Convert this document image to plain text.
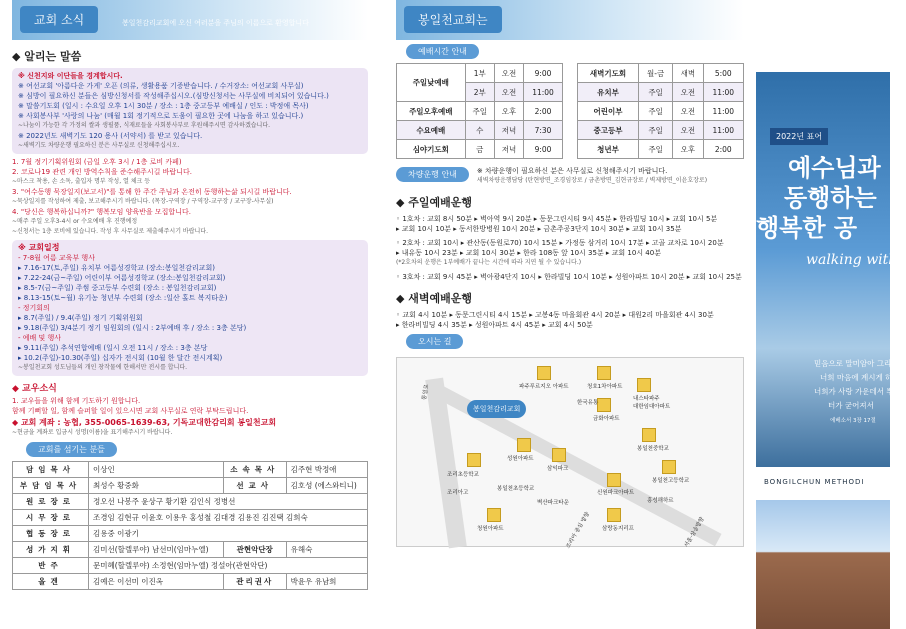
교회 소식	봉일천감리교회에 오신 여러분을 주님의 이름으로 환영합니다
◆ 알리는 말씀
※ 신천지와 이단들을 경계합시다.
※ 여선교회 '아름다운 가게' 오픈 (의류, 생활용품 기증받습니다. / 수거장소: 여선교회 사무실)
※ 심방이 필요하신 분들은 심방신청서를 작성해주십시오.(심방신청서는 사무실에 비치되어 있습니다.)
※ 말씀기도회 (일시 : 수요일 오후 1시 30분 / 장소 : 1층 중고등부 예배실 / 인도 : 박정애 목사)
※ 사회봉사부 '사랑의 나눔' (매월 1회 정기적으로 도움이 필요한 곳에 나눔을 하고 있습니다.)
~나눔이 가능한 각 가정의 쌀과 생필품, 식재료들을 사회봉사부로 후원해주시면 감사하겠습니다.
※ 2022년도 새벽기도 120 용사 (서약서) 를 받고 있습니다.
~새벽기도 차량운행 필요하신 분은 사무실로 신청해주십시오.
1. 7월 정기기획위원회 (금일 오후 3시 / 1층 로비 카페)
2. 코로나19 관련 개인 방역수칙을 준수해주시길 바랍니다.
~마스크 착용, 손 소독, 출입자 명부 작성, 열 체크 등
3. "여수동행 묵장일지(보고서)"를 통해 한 주간 주님과 온전히 동행하는삶 되시길 바랍니다.
~묵상일지를 작성하여 제출, 보고해주시기 바랍니다. (목장-구역장 / 구역장-교구장 / 교구장-사무실)
4. "당신은 행복하십니까?" 행복모임 양육반을 모집합니다.
~매주 주일 오후3-4시 or 수요예배 후 진행예정
~신청서는 1층 로비에 있습니다. 작성 후 사무실로 제출해주시기 바랍니다.
※ 교회일정
- 7-8월 여름 교육부 행사
▸ 7.16-17(토,주일) 유치부 여름성경학교 (장소:봉일천감리교회)
▸ 7.22-24(금~주일) 어린이부 여름성경학교 (장소:봉일천감리교회)
▸ 8.5-7(금~주일) 주썸 중고등부 수련회 (장소 : 봉일천감리교회)
▸ 8.13-15(토~월) 유기농 청년부 수련회 (장소 :일산 홀트 복지타운)
- 정기회의
▸ 8.7(주일) / 9.4(주일) 정기 기획위원회
▸ 9.18(주일) 3/4분기 정기 임원회의 (일시 : 2부예배 후 / 장소 : 3층 본당)
- 예배 및 행사
▸ 9.11(주일) 추석연합예배 (일시 오전 11시 / 장소 : 3층 본당
▸ 10.2(주일)-10.30(주일) 십자가 전시회 (10월 한 달간 전시계획)
~봉일천교회 성도님들의 개인 창작물에 한해서만 전시를 합니다.
◆ 교우소식
1. 교우들을 위해 함께 기도하기 원합니다.
함께 기뻐할 일, 함께 슬퍼할 일이 있으시면 교회 사무실로 연락 부탁드립니다.
◆ 교회 계좌 : 농협, 355-0065-1639-63, 기독교대한감리회 봉일천교회
~현금을 계좌로 입금시 성명(이름)을 표기해주시기 바랍니다.
교회를 섬기는 분들
담임목사	이상인	소속목사	김주현 박정애
부담임목사	최성수 황중화	선교사	김호성 (에스와티니)
원로장로	정오선 나봉주 윤상구 황기환 김인식 정병선		
시무장로	조경임 김현규 이윤호 이용우 홍성철 김대경 김용진 김진택 김희숙		
협동장로	김용중 이광기		
성가지휘	김미선(할렐루야) 남선미(임마누엘)	관현악단장	유해숙
반주	문미혜(할렐루야) 소정현(임마누엘) 정설아(관현악단)		
올겐	김예은 이선미 이진옥	관리권사	박윤우 유남희
봉일천교회는
예배시간 안내
주일낮예배	1부	오전	9:00
	2부	오전	11:00
주일오후예배	주일	오후	2:00
수요예배	수	저녁	7:30
심야기도회	금	저녁	9:00
새벽기도회	월-금	새벽	5:00
유치부	주일	오전	11:00
어린이부	주일	오전	11:00
중고등부	주일	오전	11:00
청년부	주일	오후	2:00
차량운행 안내	※ 차량운행이 필요하신 분은 사무실로 신청해주시기 바랍니다.
새벽차량운행담당 (탄현방면_조경임장로 / 금촌방면_김현규장로 / 벽제방면_이윤호장로)
◆ 주일예배운행
◦ 1호차 : 교회 8시 50분 ▸ 벽아역 9시 20분 ▸ 동문그린시티 9시 45분 ▸ 한라빌딩 10시 ▸ 교회 10시 5분
▸ 교회 10시 10분 ▸ 동서한방병원 10시 20분 ▸ 금촌주공3단지 10시 30분 ▸ 교회 10시 35분
◦ 2호차 : 교회 10시 ▸ 관산동(동원로70) 10시 15분 ▸ 가정동 삼거리 10시 17분 ▸ 고골 교차로 10시 20분
▸ 내유동 10시 23분 ▸ 교회 10시 30분 ▸ 한라 108동 앞 10시 35분 ▸ 교회 10시 40분
(*2호차의 운행은 1부예배가 끝나는 시간에 따라 지연 될 수 있습니다.)
◦ 3호차 : 교회 9시 45분 ▸ 벽아광4단지 10시 ▸ 한라빌딩 10시 10분 ▸ 성원아파트 10시 20분 ▸ 교회 10시 25분
◆ 새벽예배운행
◦ 교회 4시 10분 ▸ 동문그린시티 4시 15분 ▸ 고봉4동 마을회관 4시 20분 ▸ 대원2리 마을회관 4시 30분
▸ 한라비빌딩 4시 35분 ▸ 성원아파트 4시 45분 ▸ 교회 4시 50분
오시는 길
봉일천감리교회
파주푸르지오 아파트	청호1차아파트
내스타파주
대한임대아파트
금화아파트
한국유통
성원아파트
삼익파크
조리초등학교
조리아고
청원아파트
봉일천중학교
신원파크아파트
흥성해하르
봉일천고등학교
봉일천초등학교
삼랑동지리프
벽산파크타운
통일로
조리아 중심 방향	서울·삼송방향
2022년 표어
예수님과
동행하는
행복한 공
walking with j
믿음으로 말미암아 그리
너희 마음에 계시게 하시
너희가 사랑 가운데서 뿌
터가 굳어져서
에베소서 3장 17절
BONGILCHUN METHODI
